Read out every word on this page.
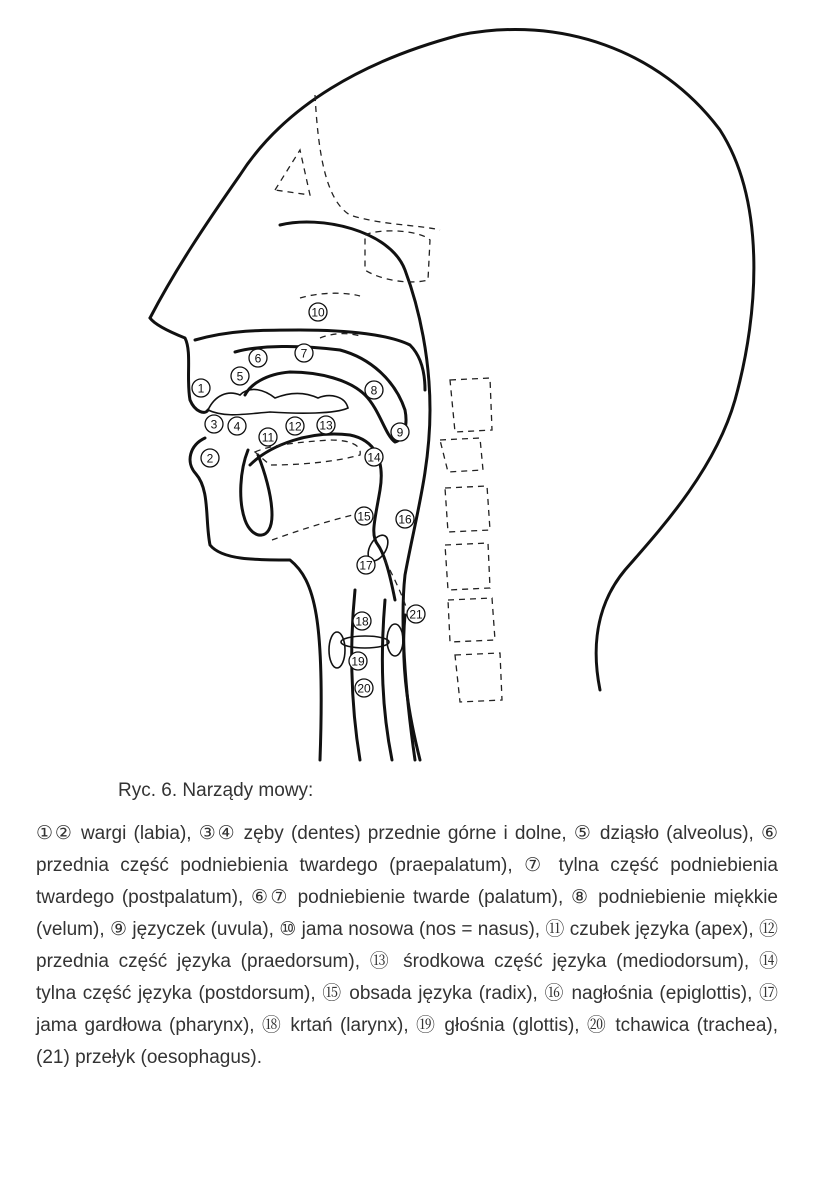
1
2
3 4
5
6	7
8
9
10
11
12 13
14
15 16
17
18
19
20
21
Ryc. 6. Narządy mowy:
①② wargi (labia), ③④ zęby (dentes) przednie górne i dolne, ⑤ dziąsło (alveolus), ⑥ przednia część podniebienia twardego (praepalatum), ⑦ tylna część podniebienia twardego (postpalatum), ⑥⑦ podniebienie twarde (palatum), ⑧ podniebienie miękkie (velum), ⑨ języczek (uvula), ⑩ jama nosowa (nos = nasus), ⑪ czubek języka (apex), ⑫ przednia część języka (praedorsum), ⑬ środkowa część języka (mediodorsum), ⑭ tylna część języka (postdorsum), ⑮ obsada języka (radix), ⑯ nagłośnia (epiglottis), ⑰ jama gardłowa (pharynx), ⑱ krtań (larynx), ⑲ głośnia (glottis), ⑳ tchawica (trachea), (21) przełyk (oesophagus).
